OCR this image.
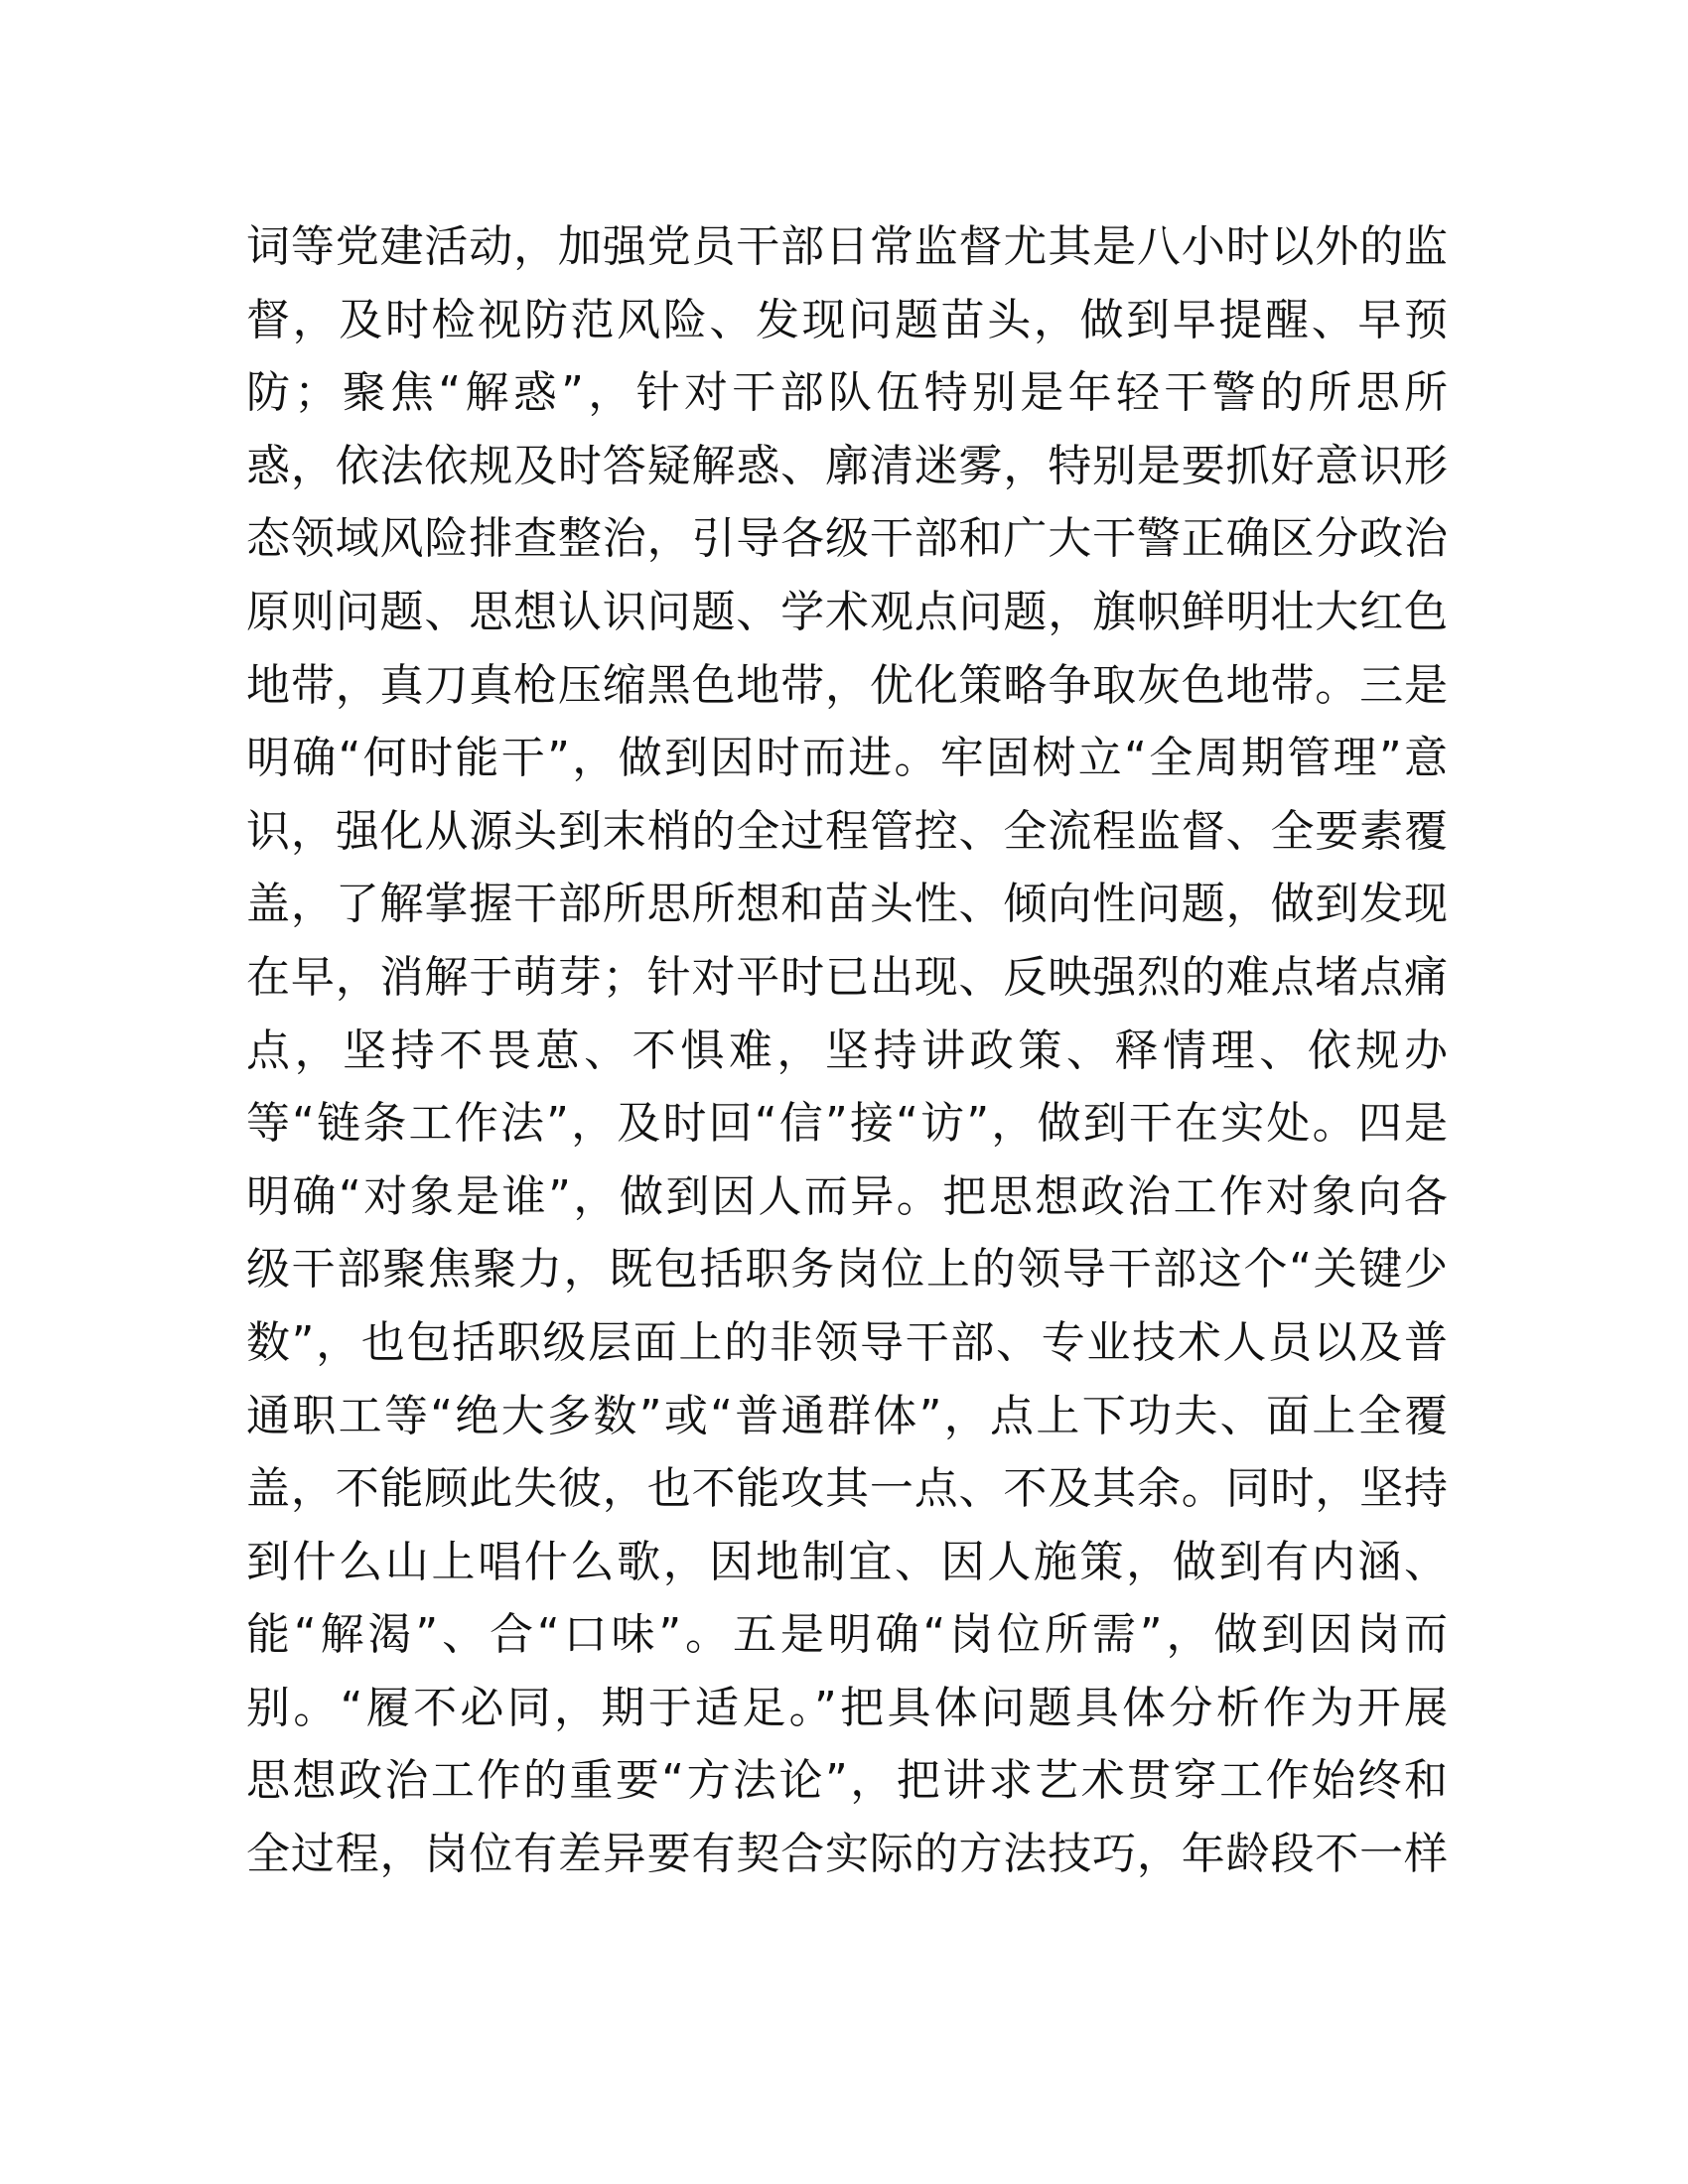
词等党建活动，加强党员干部日常监督尤其是八小时以外的监
督，及时检视防范风险、发现问题苗头，做到早提醒、早预
防；聚焦“解惑”，针对干部队伍特别是年轻干警的所思所
惑，依法依规及时答疑解惑、廓清迷雾，特别是要抓好意识形
态领域风险排查整治，引导各级干部和广大干警正确区分政治
原则问题、思想认识问题、学术观点问题，旗帜鲜明壮大红色
地带，真刀真枪压缩黑色地带，优化策略争取灰色地带。三是
明确“何时能干”，做到因时而进。牢固树立“全周期管理”意
识，强化从源头到末梢的全过程管控、全流程监督、全要素覆
盖，了解掌握干部所思所想和苗头性、倾向性问题，做到发现
在早，消解于萌芽；针对平时已出现、反映强烈的难点堵点痛
点，坚持不畏葸、不惧难，坚持讲政策、释情理、依规办
等“链条工作法”，及时回“信”接“访”，做到干在实处。四是
明确“对象是谁”，做到因人而异。把思想政治工作对象向各
级干部聚焦聚力，既包括职务岗位上的领导干部这个“关键少
数”，也包括职级层面上的非领导干部、专业技术人员以及普
通职工等“绝大多数”或“普通群体”，点上下功夫、面上全覆
盖，不能顾此失彼，也不能攻其一点、不及其余。同时，坚持
到什么山上唱什么歌，因地制宜、因人施策，做到有内涵、
能“解渴”、合“口味”。五是明确“岗位所需”，做到因岗而
别。“履不必同，期于适足。”把具体问题具体分析作为开展
思想政治工作的重要“方法论”，把讲求艺术贯穿工作始终和
全过程，岗位有差异要有契合实际的方法技巧，年龄段不一样
